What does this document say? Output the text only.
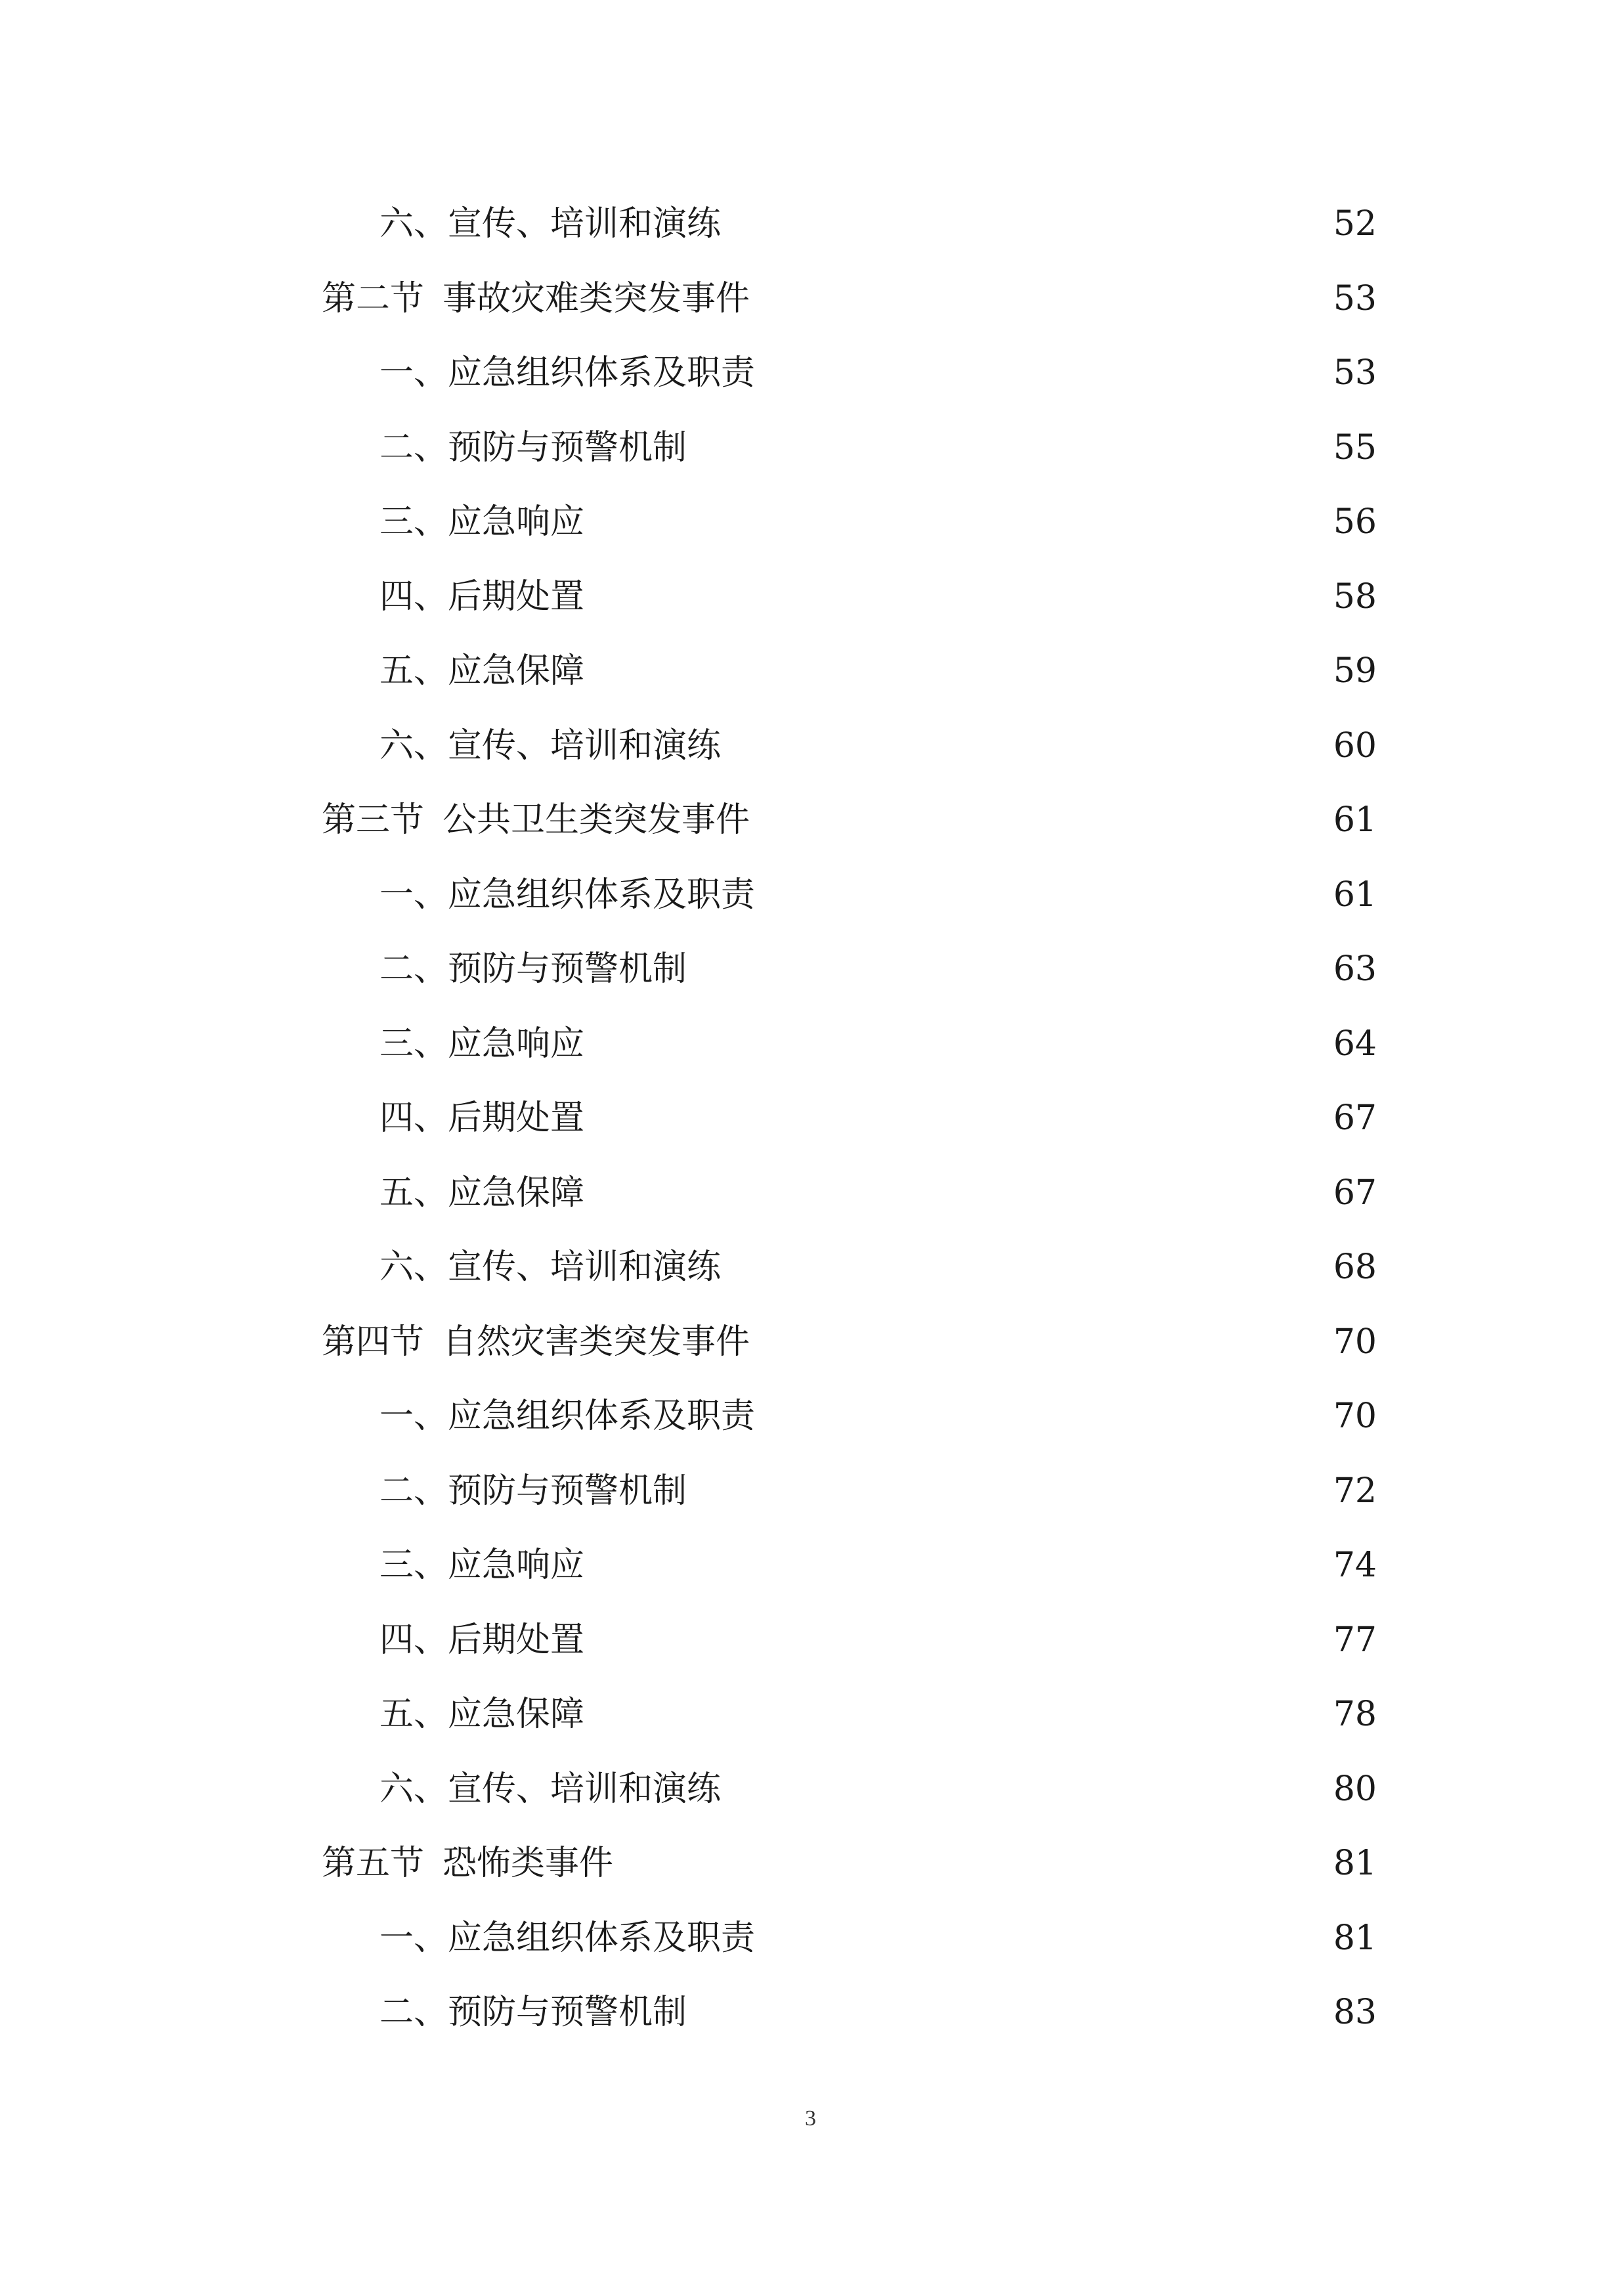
六、宣传、培训和演练	52
第二节 事故灾难类突发事件	53
一、应急组织体系及职责	53
二、预防与预警机制	55
三、应急响应	56
四、后期处置	58
五、应急保障	59
六、宣传、培训和演练	60
第三节 公共卫生类突发事件	61
一、应急组织体系及职责	61
二、预防与预警机制	63
三、应急响应	64
四、后期处置	67
五、应急保障	67
六、宣传、培训和演练	68
第四节 自然灾害类突发事件	70
一、应急组织体系及职责	70
二、预防与预警机制	72
三、应急响应	74
四、后期处置	77
五、应急保障	78
六、宣传、培训和演练	80
第五节 恐怖类事件	81
一、应急组织体系及职责	81
二、预防与预警机制	83
3
